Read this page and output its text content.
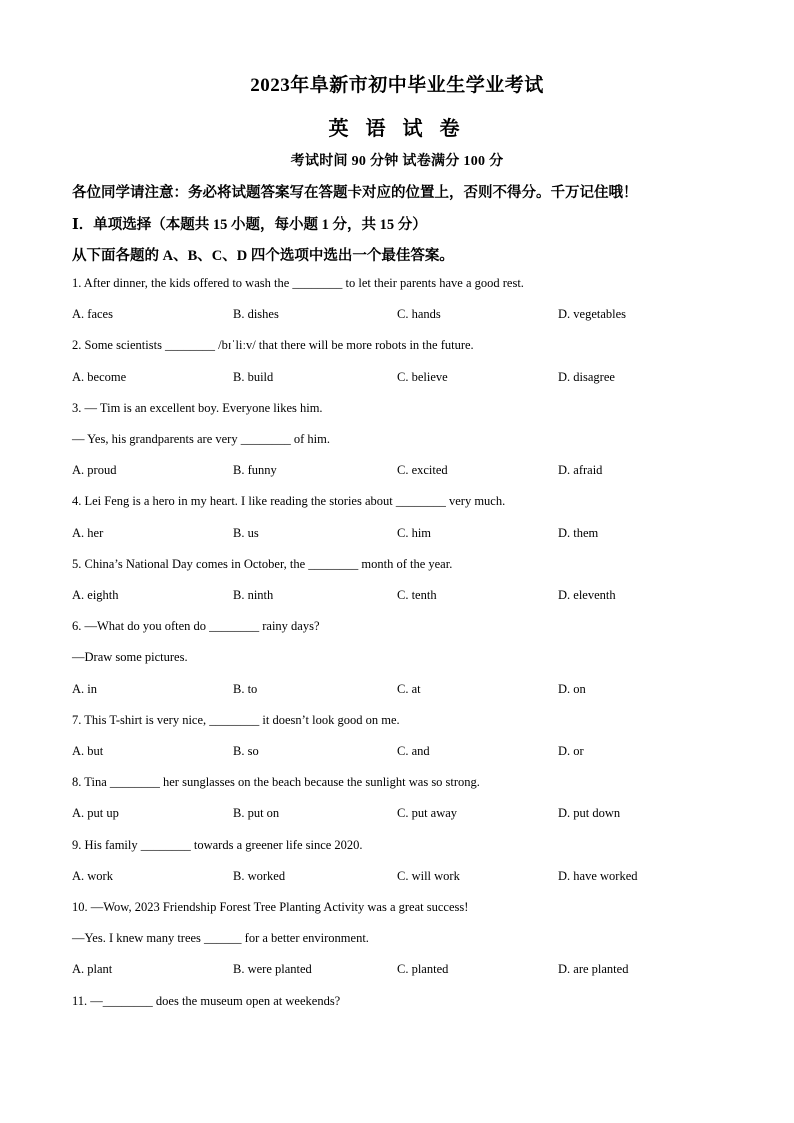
2023年阜新市初中毕业生学业考试
英 语 试 卷
考试时间 90 分钟 试卷满分 100 分
各位同学请注意：务必将试题答案写在答题卡对应的位置上，否则不得分。千万记住哦！
Ⅰ．单项选择（本题共 15 小题，每小题 1 分，共 15 分）
从下面各题的 A、B、C、D 四个选项中选出一个最佳答案。
1. After dinner, the kids offered to wash the ________ to let their parents have a good rest.
A. faces	B. dishes	C. hands	D. vegetables
2. Some scientists ________ /bɪˈliːv/ that there will be more robots in the future.
A. become	B. build	C. believe	D. disagree
3. — Tim is an excellent boy. Everyone likes him.
— Yes, his grandparents are very ________ of him.
A. proud	B. funny	C. excited	D. afraid
4. Lei Feng is a hero in my heart. I like reading the stories about ________ very much.
A. her	B. us	C. him	D. them
5. China’s National Day comes in October, the ________ month of the year.
A. eighth	B. ninth	C. tenth	D. eleventh
6. —What do you often do ________ rainy days?
—Draw some pictures.
A. in	B. to	C. at	D. on
7. This T-shirt is very nice, ________ it doesn’t look good on me.
A. but	B. so	C. and	D. or
8. Tina ________ her sunglasses on the beach because the sunlight was so strong.
A. put up	B. put on	C. put away	D. put down
9. His family ________ towards a greener life since 2020.
A. work	B. worked	C. will work	D. have worked
10. —Wow, 2023 Friendship Forest Tree Planting Activity was a great success!
—Yes. I knew many trees ______ for a better environment.
A. plant	B. were planted	C. planted	D. are planted
11. —________ does the museum open at weekends?
